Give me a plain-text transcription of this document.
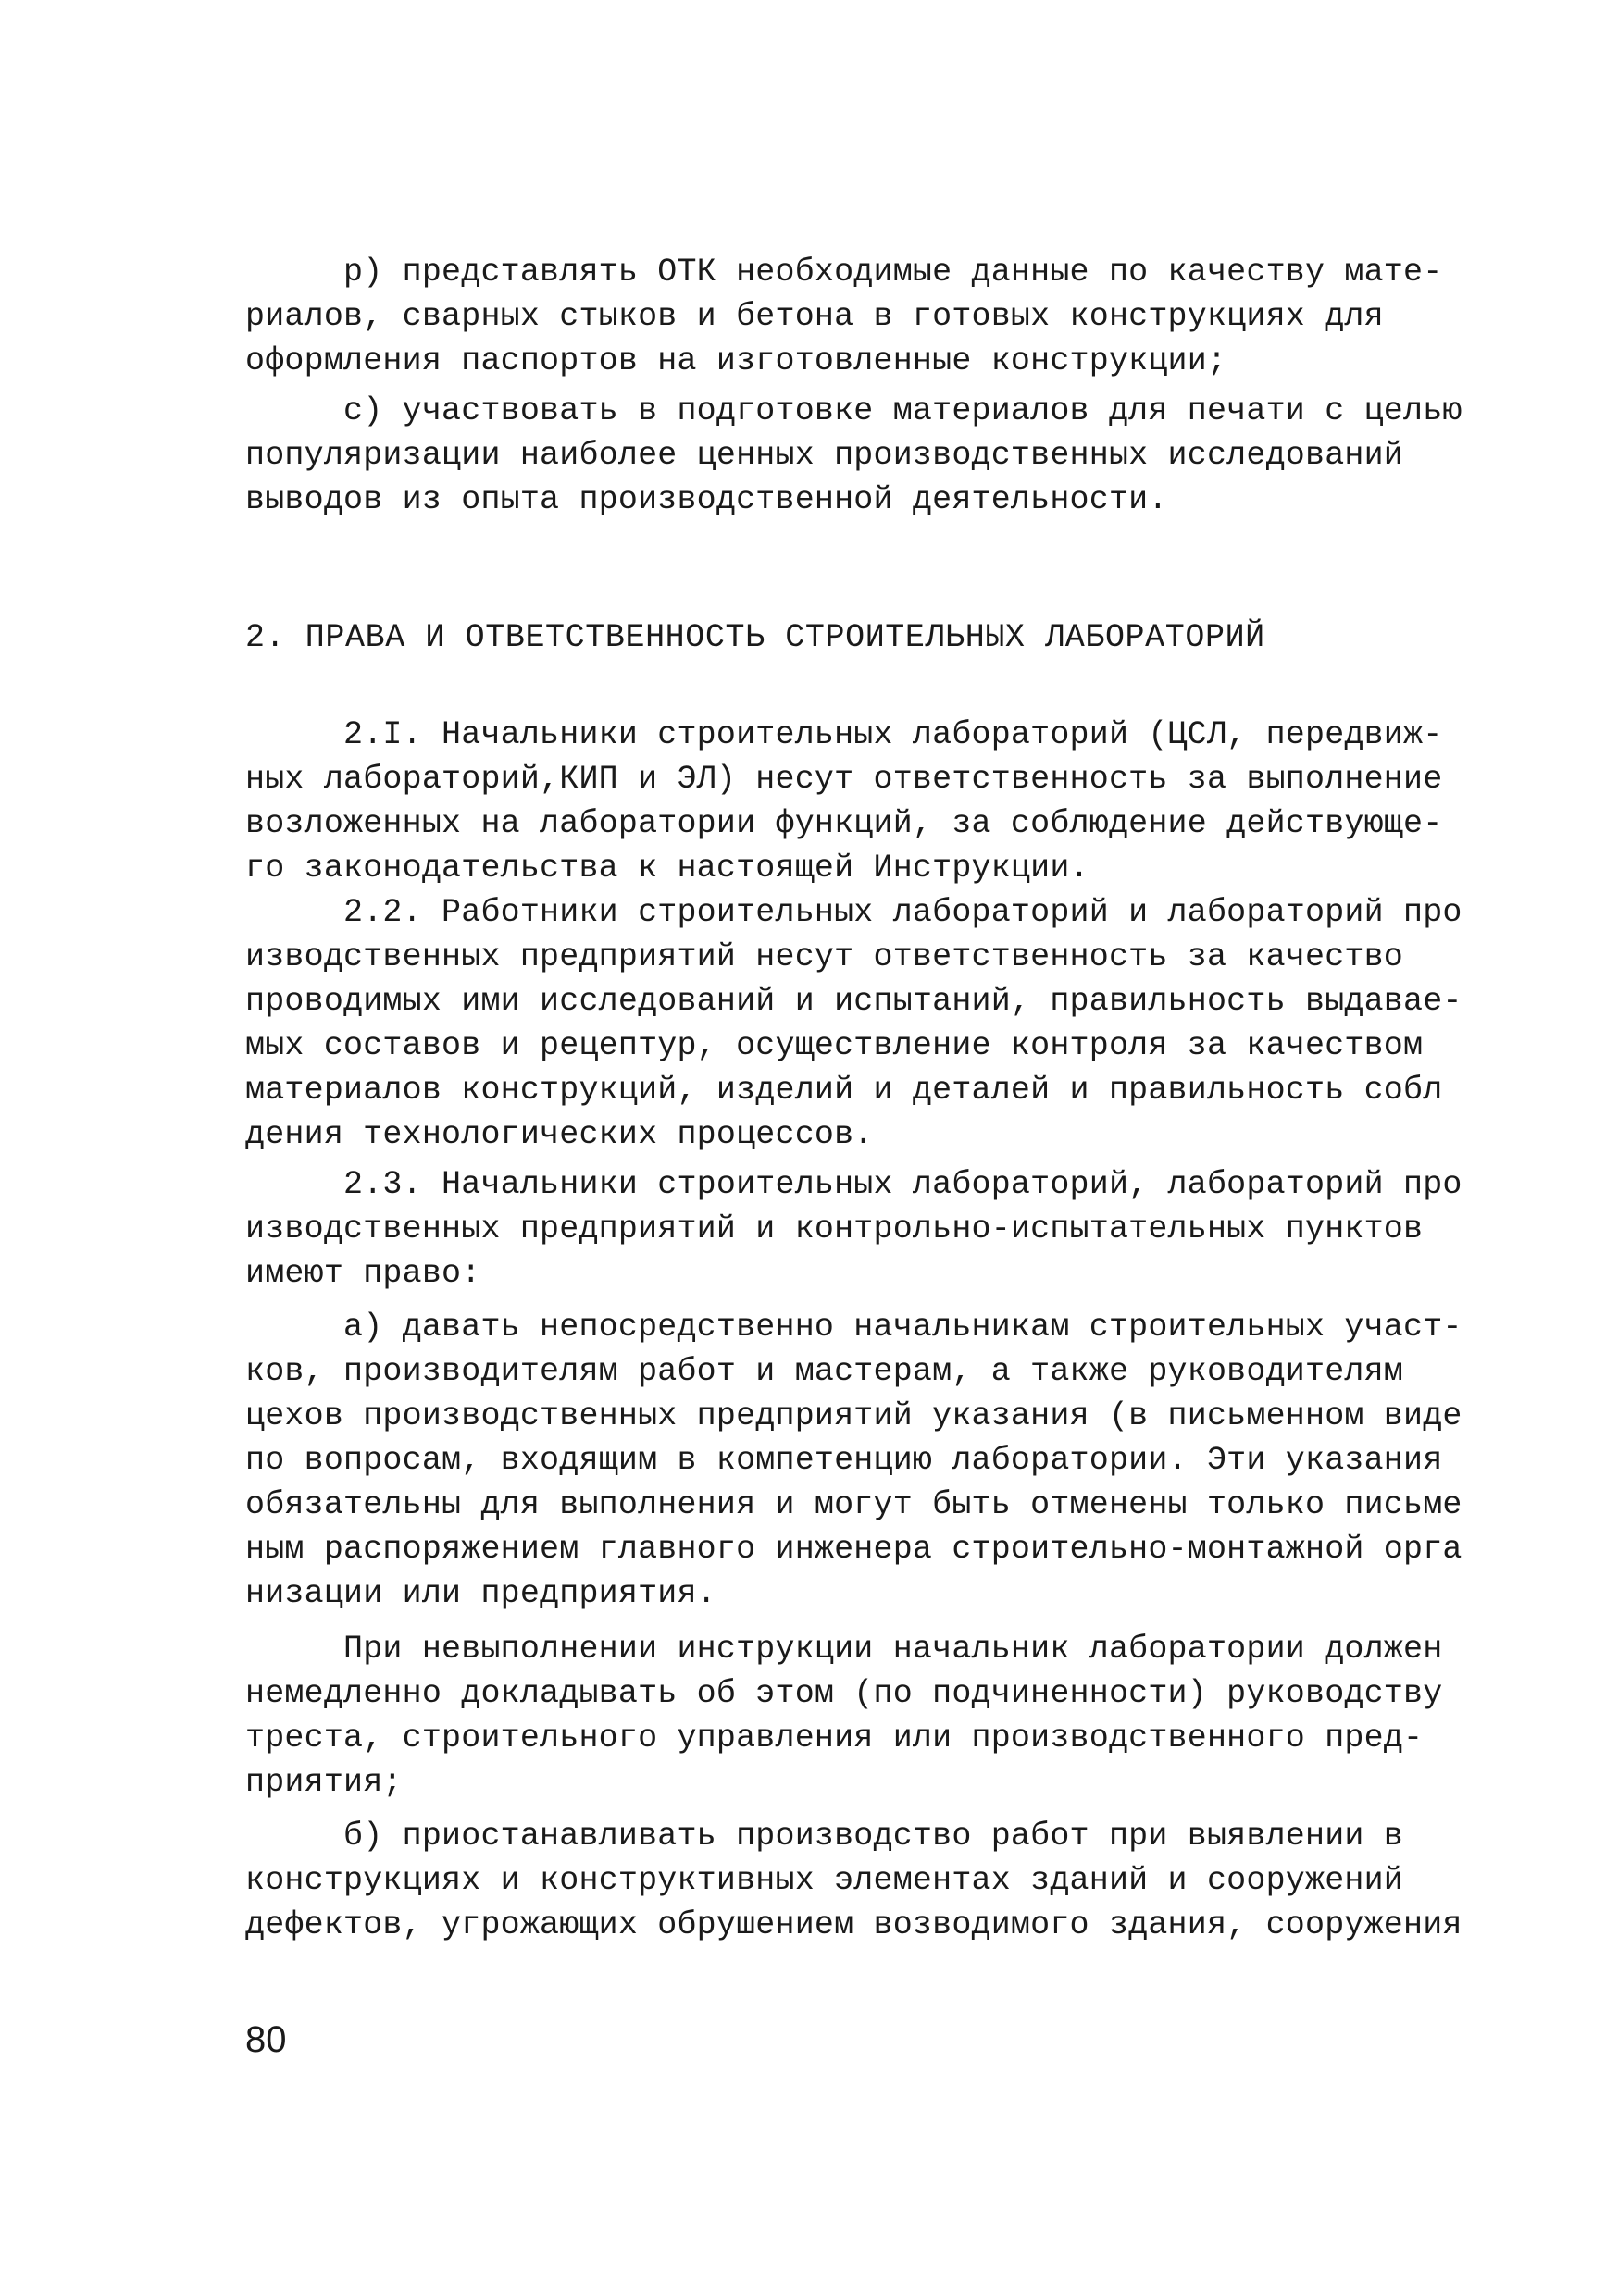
р) представлять ОТК необходимые данные по качеству мате-
риалов, сварных стыков и бетона в готовых конструкциях для
оформления паспортов на изготовленные конструкции;
с) участвовать в подготовке материалов для печати с целью
популяризации наиболее ценных производственных исследований
выводов из опыта производственной деятельности.
2. ПРАВА И ОТВЕТСТВЕННОСТЬ СТРОИТЕЛЬНЫХ ЛАБОРАТОРИЙ
2.I. Начальники строительных лабораторий (ЦСЛ, передвиж-
ных лабораторий,КИП и ЭЛ) несут ответственность за выполнение
возложенных на лаборатории функций, за соблюдение действующе-
го законодательства к настоящей Инструкции.
2.2. Работники строительных лабораторий и лабораторий про
изводственных предприятий несут ответственность за качество
проводимых ими исследований и испытаний, правильность выдавае-
мых составов и рецептур, осуществление контроля за качеством
материалов конструкций, изделий и деталей и правильность собл
дения технологических процессов.
2.3. Начальники строительных лабораторий, лабораторий про
изводственных предприятий и контрольно-испытательных пунктов
имеют право:
а) давать непосредственно начальникам строительных участ-
ков, производителям работ и мастерам, а также руководителям
цехов производственных предприятий указания (в письменном виде
по вопросам, входящим в компетенцию лаборатории. Эти указания
обязательны для выполнения и могут быть отменены только письме
ным распоряжением главного инженера строительно-монтажной орга
низации или предприятия.
При невыполнении инструкции начальник лаборатории должен
немедленно докладывать об этом (по подчиненности) руководству
треста, строительного управления или производственного пред-
приятия;
б) приостанавливать производство работ при выявлении в
конструкциях и конструктивных элементах зданий и сооружений
дефектов, угрожающих обрушением возводимого здания, сооружения
80
